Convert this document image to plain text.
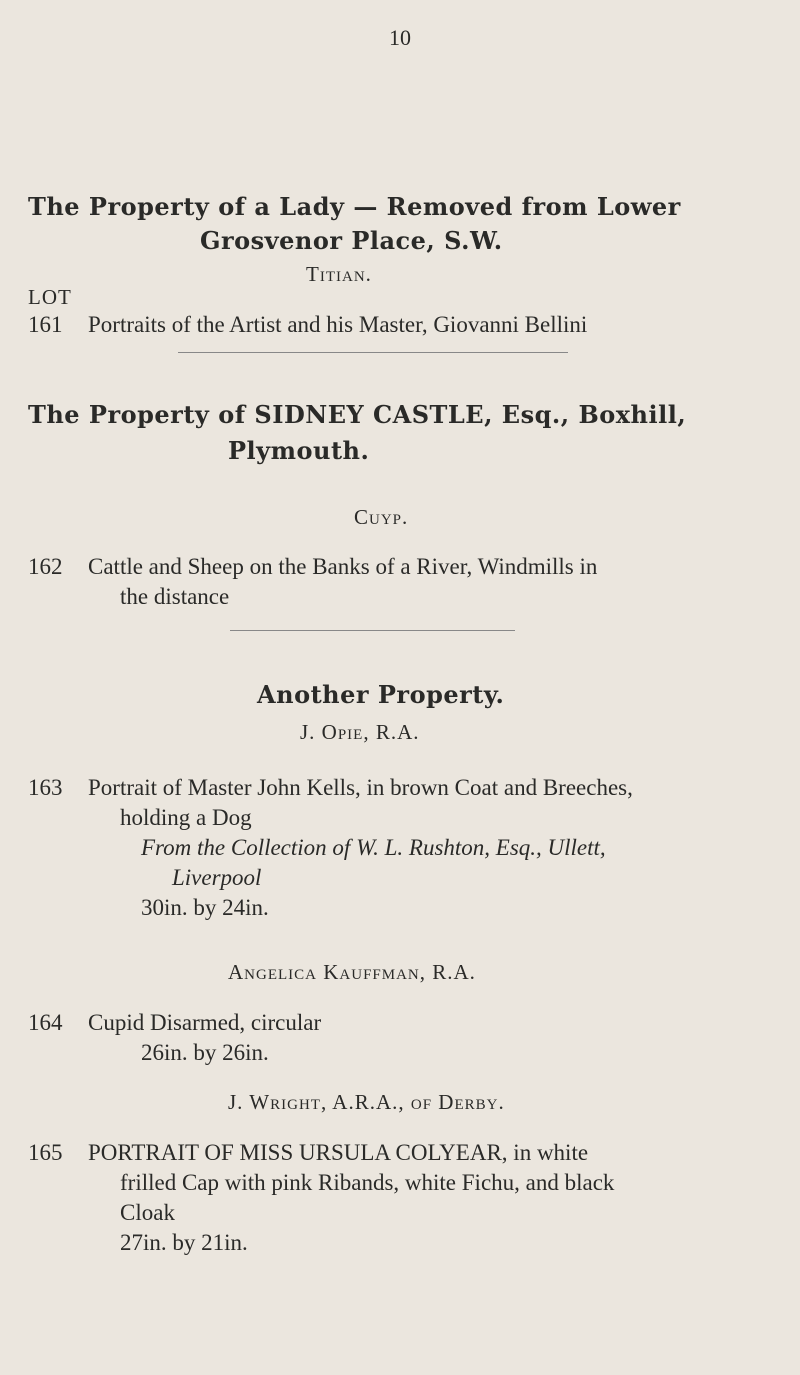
10
The Property of a Lady — Removed from Lower
Grosvenor Place, S.W.
Titian.
LOT
161 Portraits of the Artist and his Master, Giovanni Bellini
The Property of SIDNEY CASTLE, Esq., Boxhill,
Plymouth.
Cuyp.
162 Cattle and Sheep on the Banks of a River, Windmills in
the distance
Another Property.
J. Opie, R.A.
163 Portrait of Master John Kells, in brown Coat and Breeches,
holding a Dog
From the Collection of W. L. Rushton, Esq., Ullett,
Liverpool
30in. by 24in.
Angelica Kauffman, R.A.
164 Cupid Disarmed, circular
26in. by 26in.
J. Wright, A.R.A., of Derby.
165 PORTRAIT OF MISS URSULA COLYEAR, in white
frilled Cap with pink Ribands, white Fichu, and black
Cloak
27in. by 21in.
